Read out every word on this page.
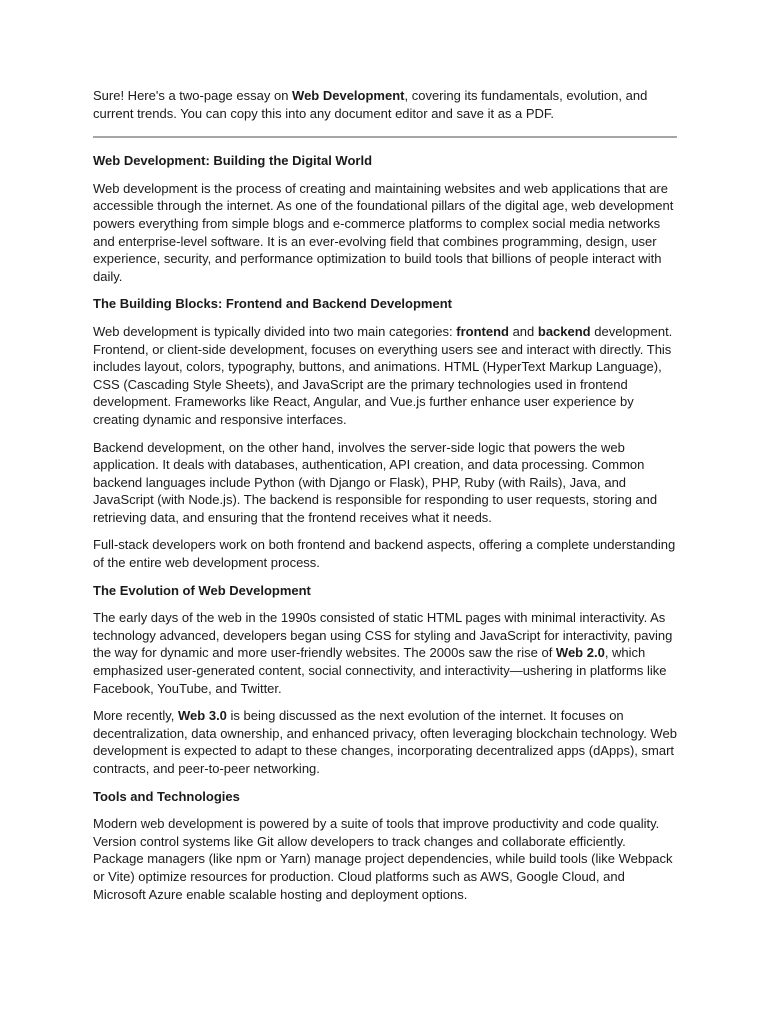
Sure! Here's a two-page essay on Web Development, covering its fundamentals, evolution, and current trends. You can copy this into any document editor and save it as a PDF.

Web Development: Building the Digital World

Web development is the process of creating and maintaining websites and web applications that are accessible through the internet. As one of the foundational pillars of the digital age, web development powers everything from simple blogs and e-commerce platforms to complex social media networks and enterprise-level software. It is an ever-evolving field that combines programming, design, user experience, security, and performance optimization to build tools that billions of people interact with daily.

The Building Blocks: Frontend and Backend Development

Web development is typically divided into two main categories: frontend and backend development. Frontend, or client-side development, focuses on everything users see and interact with directly. This includes layout, colors, typography, buttons, and animations. HTML (HyperText Markup Language), CSS (Cascading Style Sheets), and JavaScript are the primary technologies used in frontend development. Frameworks like React, Angular, and Vue.js further enhance user experience by creating dynamic and responsive interfaces.

Backend development, on the other hand, involves the server-side logic that powers the web application. It deals with databases, authentication, API creation, and data processing. Common backend languages include Python (with Django or Flask), PHP, Ruby (with Rails), Java, and JavaScript (with Node.js). The backend is responsible for responding to user requests, storing and retrieving data, and ensuring that the frontend receives what it needs.

Full-stack developers work on both frontend and backend aspects, offering a complete understanding of the entire web development process.

The Evolution of Web Development

The early days of the web in the 1990s consisted of static HTML pages with minimal interactivity. As technology advanced, developers began using CSS for styling and JavaScript for interactivity, paving the way for dynamic and more user-friendly websites. The 2000s saw the rise of Web 2.0, which emphasized user-generated content, social connectivity, and interactivity—ushering in platforms like Facebook, YouTube, and Twitter.

More recently, Web 3.0 is being discussed as the next evolution of the internet. It focuses on decentralization, data ownership, and enhanced privacy, often leveraging blockchain technology. Web development is expected to adapt to these changes, incorporating decentralized apps (dApps), smart contracts, and peer-to-peer networking.

Tools and Technologies

Modern web development is powered by a suite of tools that improve productivity and code quality. Version control systems like Git allow developers to track changes and collaborate efficiently. Package managers (like npm or Yarn) manage project dependencies, while build tools (like Webpack or Vite) optimize resources for production. Cloud platforms such as AWS, Google Cloud, and Microsoft Azure enable scalable hosting and deployment options.
